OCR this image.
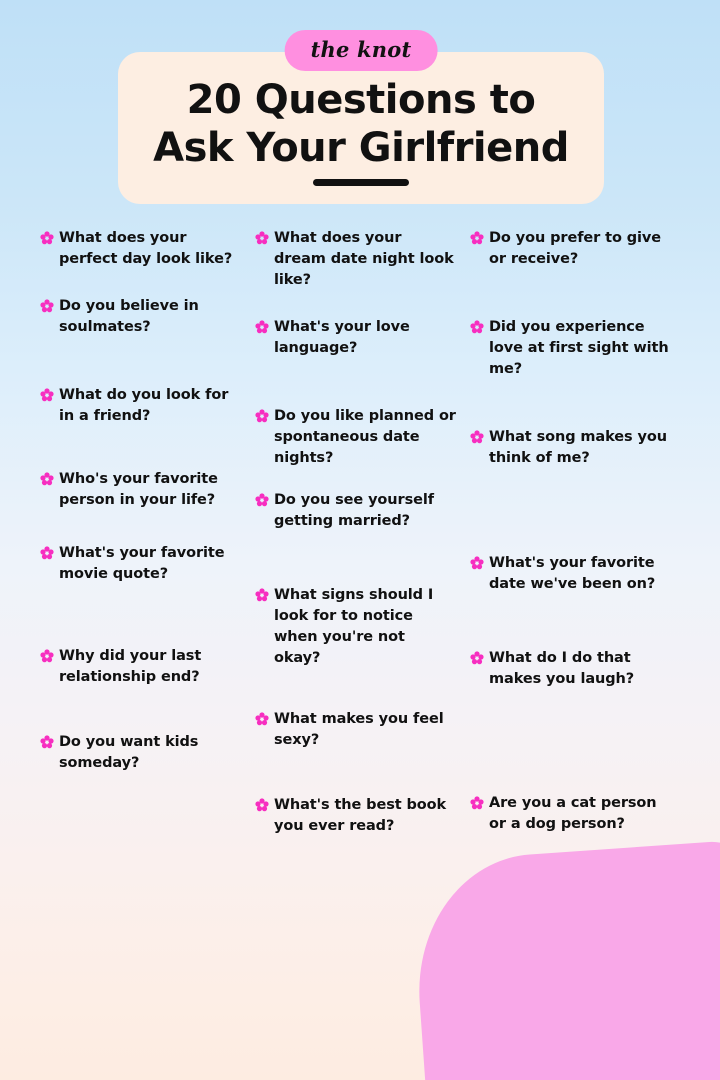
the knot
20 Questions to
Ask Your Girlfriend
What does your perfect day look like?
Do you believe in soulmates?
What do you look for in a friend?
Who's your favorite person in your life?
What's your favorite movie quote?
Why did your last relationship end?
Do you want kids someday?
What does your dream date night look like?
What's your love language?
Do you like planned or spontaneous date nights?
Do you see yourself getting married?
What signs should I look for to notice when you're not okay?
What makes you feel sexy?
What's the best book you ever read?
Do you prefer to give or receive?
Did you experience love at first sight with me?
What song makes you think of me?
What's your favorite date we've been on?
What do I do that makes you laugh?
Are you a cat person or a dog person?
